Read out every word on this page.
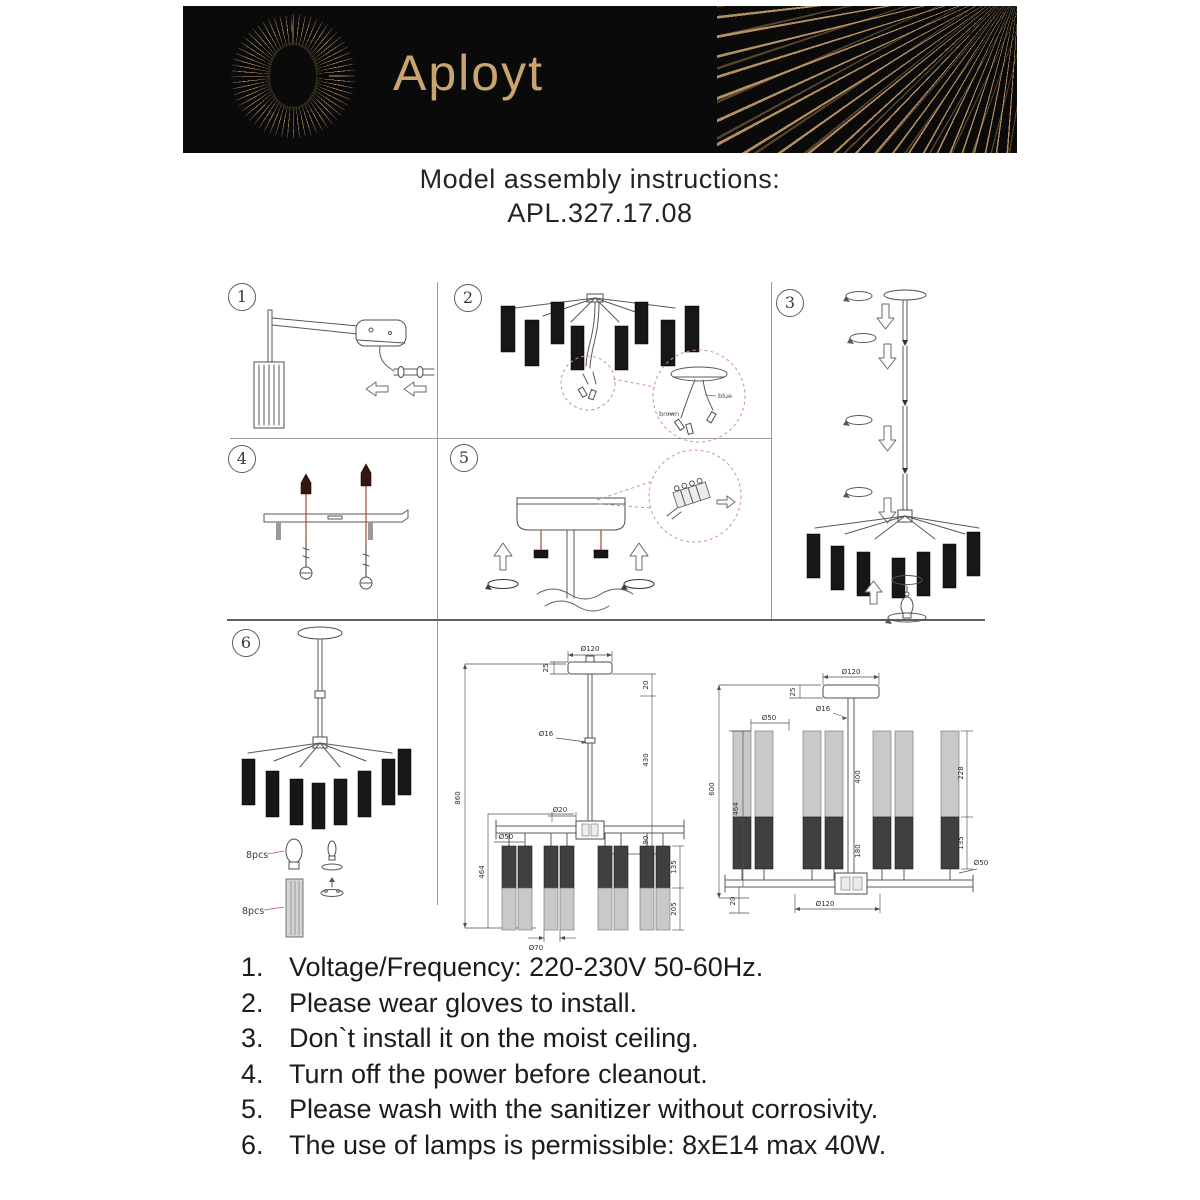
Aployt
Model assembly instructions:
APL.327.17.08
1	2	3
4	5
6
blue
brown
8pcs
8pcs
Ø120
25
Ø16
20
430
90
Ø20
860
464
Ø50
135
205
Ø70
25
Ø120
Ø16
Ø50
400
180
600
464
228
135
Ø50
Ø120
20
1. Voltage/Frequency: 220-230V 50-60Hz.
2. Please wear gloves to install.
3. Don`t install it on the moist ceiling.
4. Turn off the power before cleanout.
5. Please wash with the sanitizer without corrosivity.
6. The use of lamps is permissible: 8xE14 max 40W.
